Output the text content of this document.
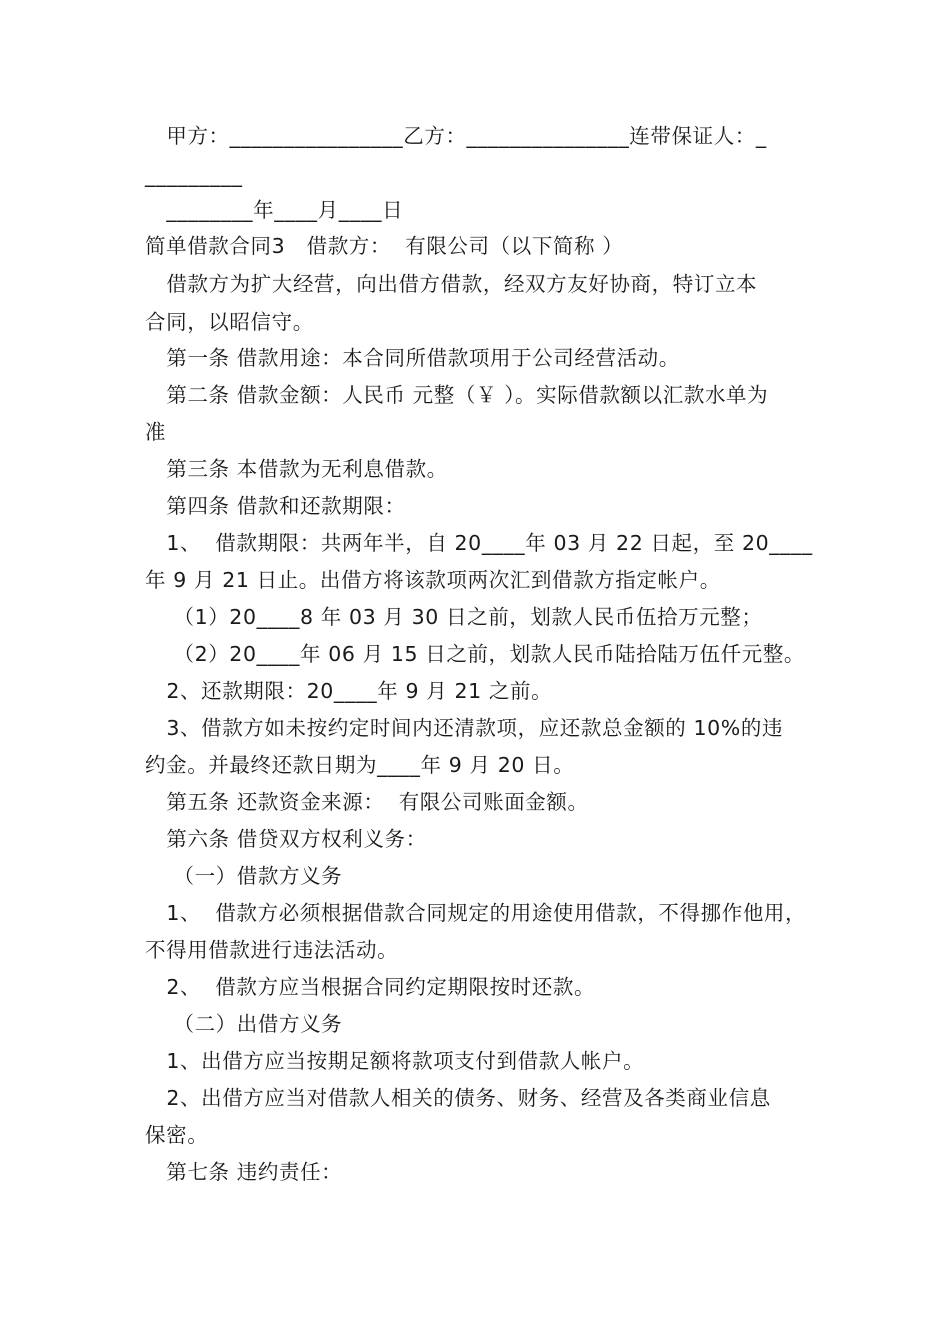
甲方：________________乙方：_______________连带保证人：_
_________
________年____月____日
简单借款合同3   借款方：  有限公司（以下简称 ）
借款方为扩大经营，向出借方借款，经双方友好协商，特订立本
合同，以昭信守。
第一条 借款用途：本合同所借款项用于公司经营活动。
第二条 借款金额：人民币 元整（￥ ）。实际借款额以汇款水单为
准
第三条 本借款为无利息借款。
第四条 借款和还款期限：
1、  借款期限：共两年半，自 20____年 03 月 22 日起，至 20____
年 9 月 21 日止。出借方将该款项两次汇到借款方指定帐户。
（1）20____8 年 03 月 30 日之前，划款人民币伍拾万元整；
（2）20____年 06 月 15 日之前，划款人民币陆拾陆万伍仟元整。
2、还款期限：20____年 9 月 21 之前。
3、借款方如未按约定时间内还清款项，应还款总金额的 10%的违
约金。并最终还款日期为____年 9 月 20 日。
第五条 还款资金来源：  有限公司账面金额。
第六条 借贷双方权利义务：
（一）借款方义务
1、  借款方必须根据借款合同规定的用途使用借款，不得挪作他用，
不得用借款进行违法活动。
2、  借款方应当根据合同约定期限按时还款。
（二）出借方义务
1、出借方应当按期足额将款项支付到借款人帐户。
2、出借方应当对借款人相关的债务、财务、经营及各类商业信息
保密。
第七条 违约责任：
